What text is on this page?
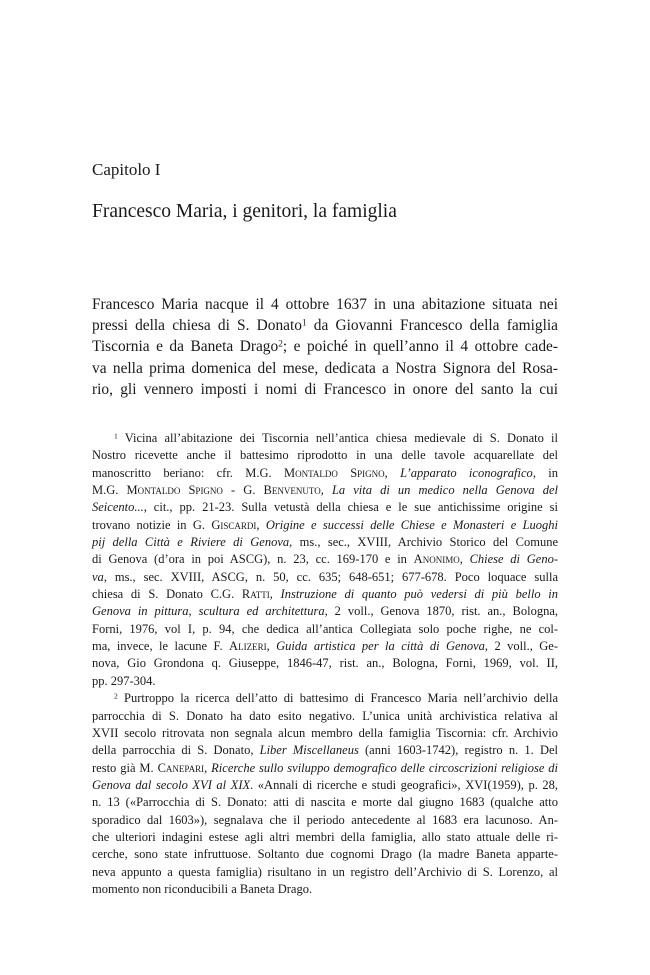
Capitolo I
Francesco Maria, i genitori, la famiglia
Francesco Maria nacque il 4 ottobre 1637 in una abitazione situata nei
pressi della chiesa di S. Donato$^1$ da Giovanni Francesco della famiglia
Tiscornia e da Baneta Drago$^2$; e poiché in quell’anno il 4 ottobre cade-
va nella prima domenica del mese, dedicata a Nostra Signora del Rosa-
rio, gli vennero imposti i nomi di Francesco in onore del santo la cui
$^1$ Vicina all’abitazione dei Tiscornia nell’antica chiesa medievale di S. Donato il
Nostro ricevette anche il battesimo riprodotto in una delle tavole acquarellate del
manoscritto beriano: cfr. M.G. Montaldo Spigno, L’apparato iconografico, in
M.G. Montaldo Spigno - G. Benvenuto, La vita di un medico nella Genova del
Seicento..., cit., pp. 21-23. Sulla vetustà della chiesa e le sue antichissime origine si
trovano notizie in G. Giscardi, Origine e successi delle Chiese e Monasteri e Luoghi
pij della Città e Riviere di Genova, ms., sec., XVIII, Archivio Storico del Comune
di Genova (d’ora in poi ASCG), n. 23, cc. 169-170 e in Anonimo, Chiese di Geno-
va, ms., sec. XVIII, ASCG, n. 50, cc. 635; 648-651; 677-678. Poco loquace sulla
chiesa di S. Donato C.G. Ratti, Instruzione di quanto può vedersi di più bello in
Genova in pittura, scultura ed architettura, 2 voll., Genova 1870, rist. an., Bologna,
Forni, 1976, vol I, p. 94, che dedica all’antica Collegiata solo poche righe, ne col-
ma, invece, le lacune F. Alizeri, Guida artistica per la città di Genova, 2 voll., Ge-
nova, Gio Grondona q. Giuseppe, 1846-47, rist. an., Bologna, Forni, 1969, vol. II,
pp. 297-304.
$^2$ Purtroppo la ricerca dell’atto di battesimo di Francesco Maria nell’archivio della
parrocchia di S. Donato ha dato esito negativo. L’unica unità archivistica relativa al
XVII secolo ritrovata non segnala alcun membro della famiglia Tiscornia: cfr. Archivio
della parrocchia di S. Donato, Liber Miscellaneus (anni 1603-1742), registro n. 1. Del
resto già M. Canepari, Ricerche sullo sviluppo demografico delle circoscrizioni religiose di
Genova dal secolo XVI al XIX. «Annali di ricerche e studi geografici», XVI(1959), p. 28,
n. 13 («Parrocchia di S. Donato: atti di nascita e morte dal giugno 1683 (qualche atto
sporadico dal 1603»), segnalava che il periodo antecedente al 1683 era lacunoso. An-
che ulteriori indagini estese agli altri membri della famiglia, allo stato attuale delle ri-
cerche, sono state infruttuose. Soltanto due cognomi Drago (la madre Baneta apparte-
neva appunto a questa famiglia) risultano in un registro dell’Archivio di S. Lorenzo, al
momento non riconducibili a Baneta Drago.
